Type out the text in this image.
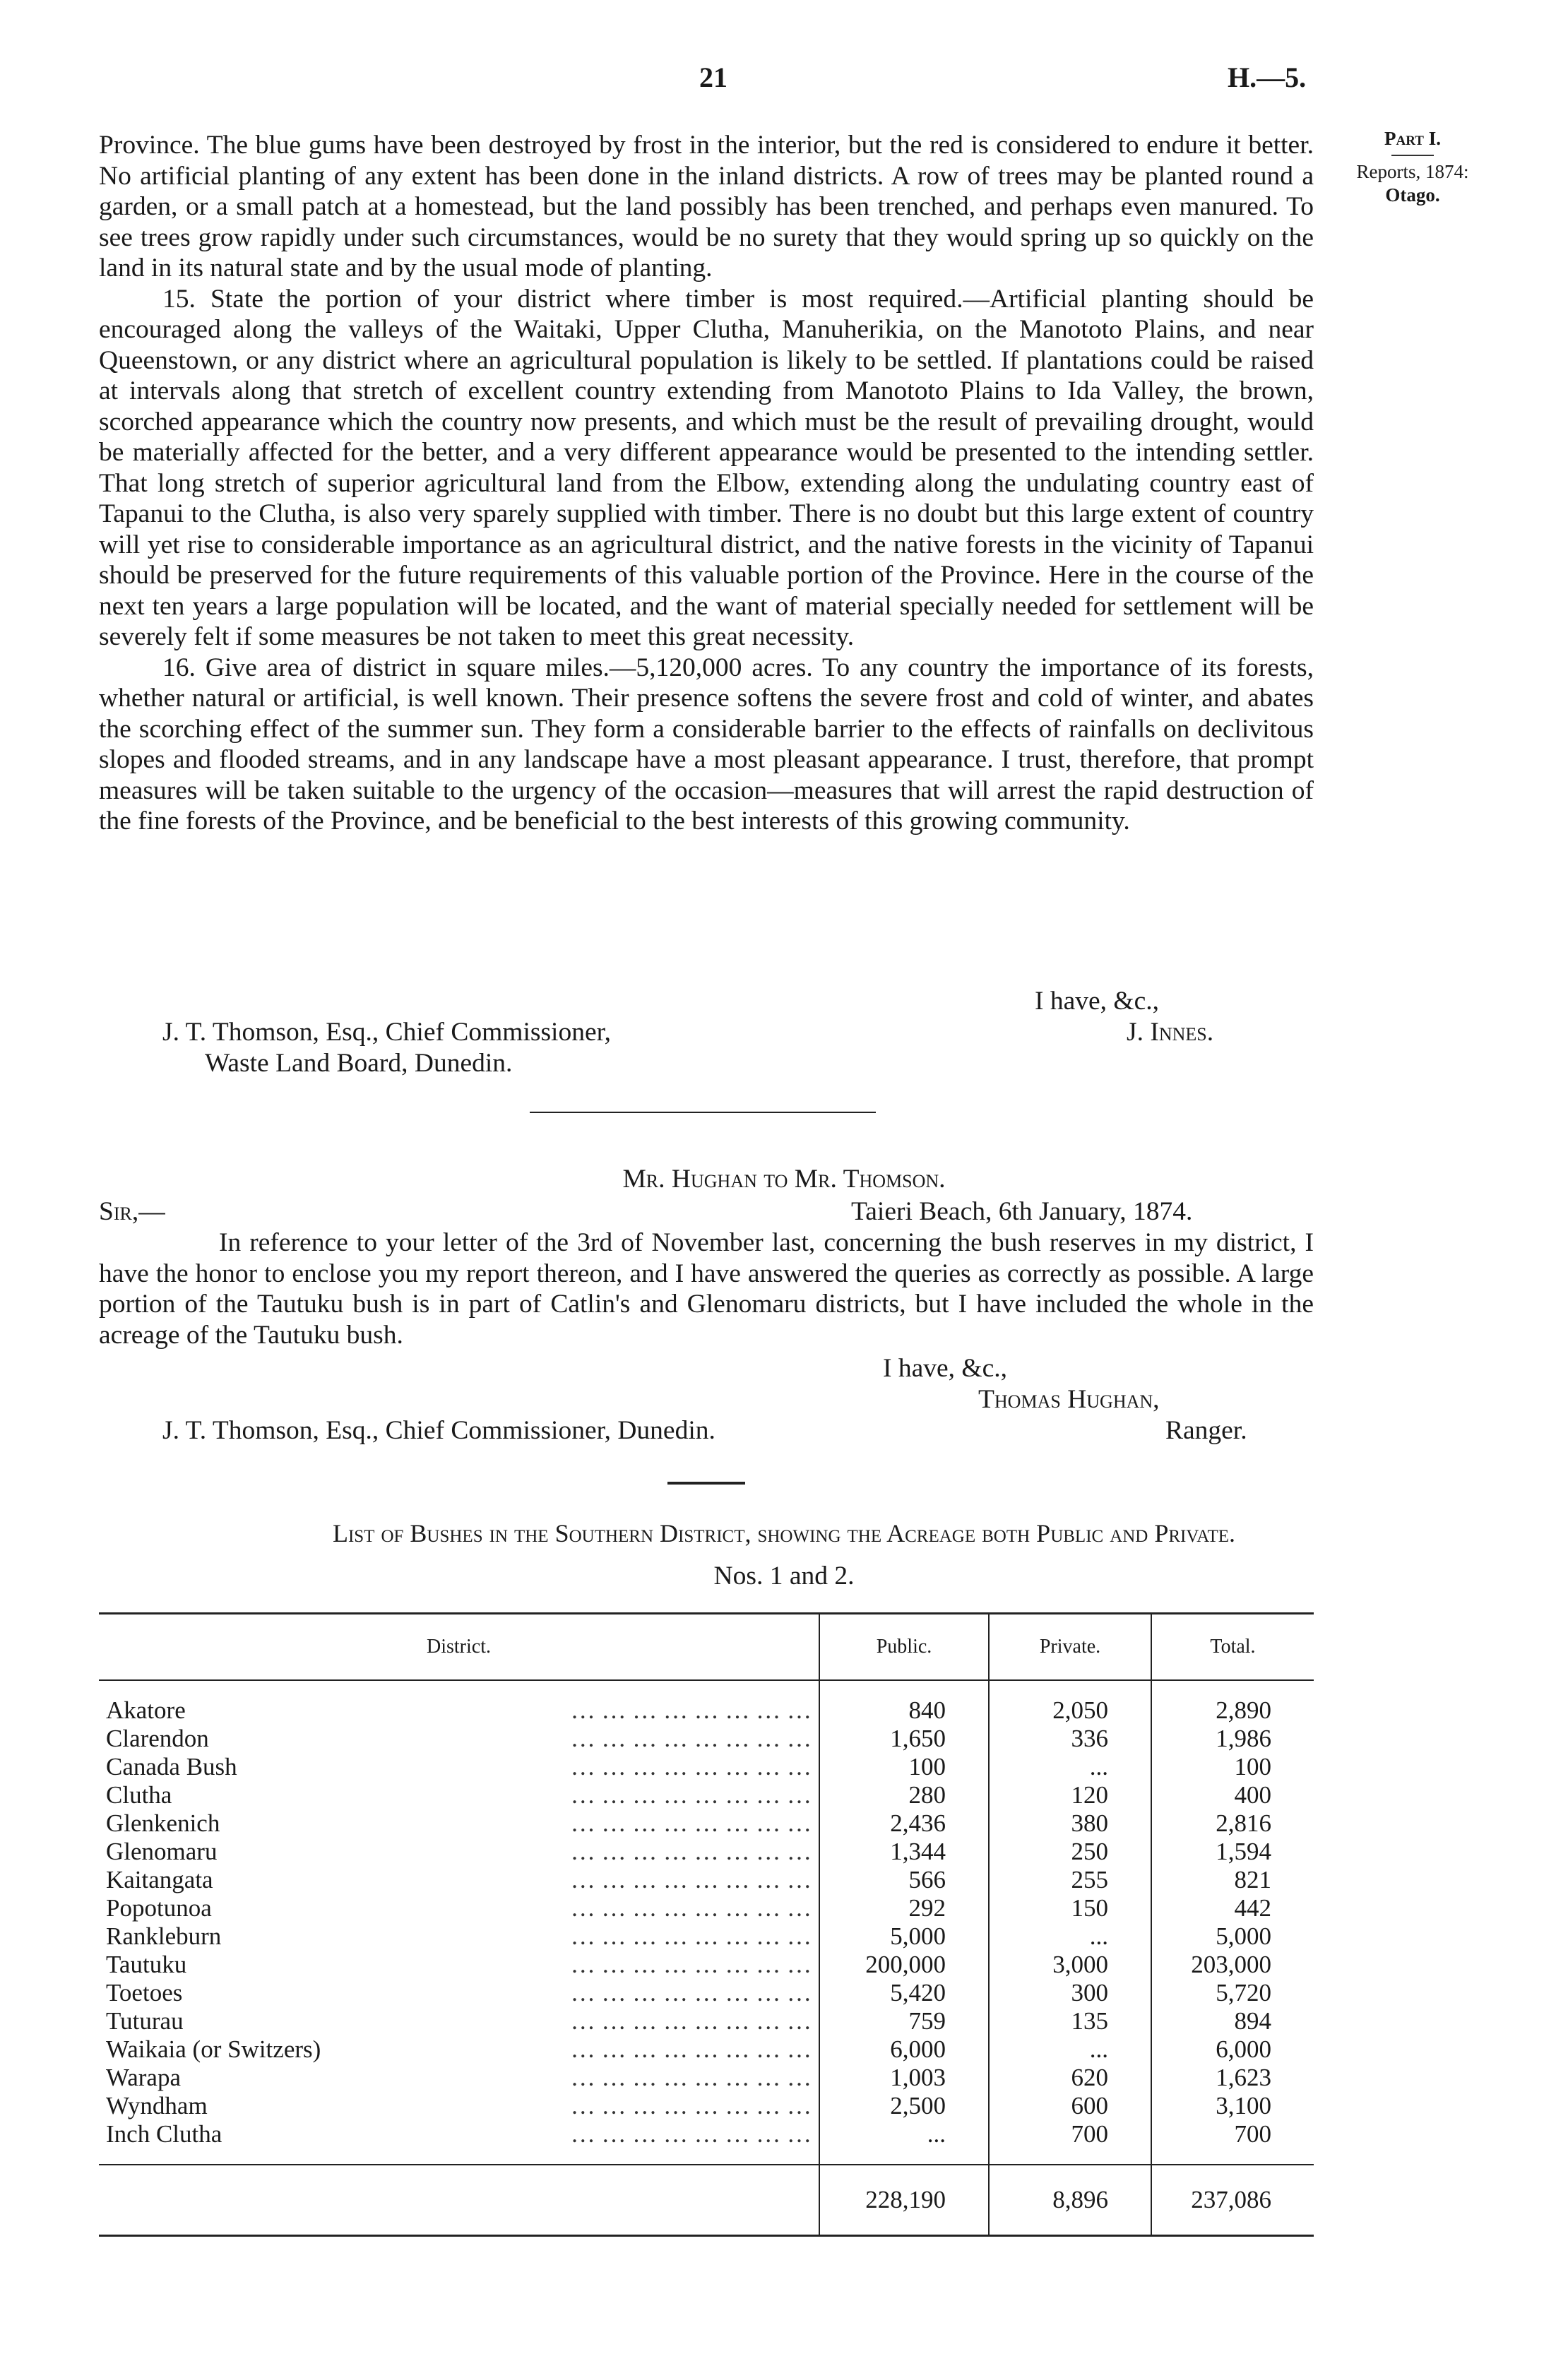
21	H.—5.
Part I.
Reports, 1874:
Otago.

Province. The blue gums have been destroyed by frost in the interior, but the red is considered to endure it better. No artificial planting of any extent has been done in the inland districts. A row of trees may be planted round a garden, or a small patch at a homestead, but the land possibly has been trenched, and perhaps even manured. To see trees grow rapidly under such circumstances, would be no surety that they would spring up so quickly on the land in its natural state and by the usual mode of planting.

15. State the portion of your district where timber is most required.—Artificial planting should be encouraged along the valleys of the Waitaki, Upper Clutha, Manuherikia, on the Manototo Plains, and near Queenstown, or any district where an agricultural population is likely to be settled. If plantations could be raised at intervals along that stretch of excellent country extending from Manototo Plains to Ida Valley, the brown, scorched appearance which the country now presents, and which must be the result of prevailing drought, would be materially affected for the better, and a very different appearance would be presented to the intending settler. That long stretch of superior agricultural land from the Elbow, extending along the undulating country east of Tapanui to the Clutha, is also very sparely supplied with timber. There is no doubt but this large extent of country will yet rise to considerable importance as an agricultural district, and the native forests in the vicinity of Tapanui should be preserved for the future requirements of this valuable portion of the Province. Here in the course of the next ten years a large population will be located, and the want of material specially needed for settlement will be severely felt if some measures be not taken to meet this great necessity.

16. Give area of district in square miles.—5,120,000 acres. To any country the importance of its forests, whether natural or artificial, is well known. Their presence softens the severe frost and cold of winter, and abates the scorching effect of the summer sun. They form a considerable barrier to the effects of rainfalls on declivitous slopes and flooded streams, and in any landscape have a most pleasant appearance. I trust, therefore, that prompt measures will be taken suitable to the urgency of the occasion—measures that will arrest the rapid destruction of the fine forests of the Province, and be beneficial to the best interests of this growing community.

I have, &c.,
J. T. Thomson, Esq., Chief Commissioner,	J. Innes.
Waste Land Board, Dunedin.
Mr. Hughan to Mr. Thomson.
Sir,—	Taieri Beach, 6th January, 1874.

In reference to your letter of the 3rd of November last, concerning the bush reserves in my district, I have the honor to enclose you my report thereon, and I have answered the queries as correctly as possible. A large portion of the Tautuku bush is in part of Catlin's and Glenomaru districts, but I have included the whole in the acreage of the Tautuku bush.

I have, &c.,
Thomas Hughan,
J. T. Thomson, Esq., Chief Commissioner, Dunedin.	Ranger.
List of Bushes in the Southern District, showing the Acreage both Public and Private.
Nos. 1 and 2.
District.	Public.	Private.	Total.

Akatore … … … … … … … …	840	2,050	2,890

Clarendon … … … … … … … …	1,650	336	1,986

Canada Bush … … … … … … … …	100	...	100

Clutha … … … … … … … …	280	120	400

Glenkenich … … … … … … … …	2,436	380	2,816

Glenomaru … … … … … … … …	1,344	250	1,594

Kaitangata … … … … … … … …	566	255	821

Popotunoa … … … … … … … …	292	150	442

Rankleburn … … … … … … … …	5,000	...	5,000

Tautuku … … … … … … … …	200,000	3,000	203,000

Toetoes … … … … … … … …	5,420	300	5,720

Tuturau … … … … … … … …	759	135	894

Waikaia (or Switzers) … … … … … … … …	6,000	...	6,000

Warapa … … … … … … … …	1,003	620	1,623

Wyndham … … … … … … … …	2,500	600	3,100

Inch Clutha … … … … … … … …	...	700	700

	228,190	8,896	237,086
